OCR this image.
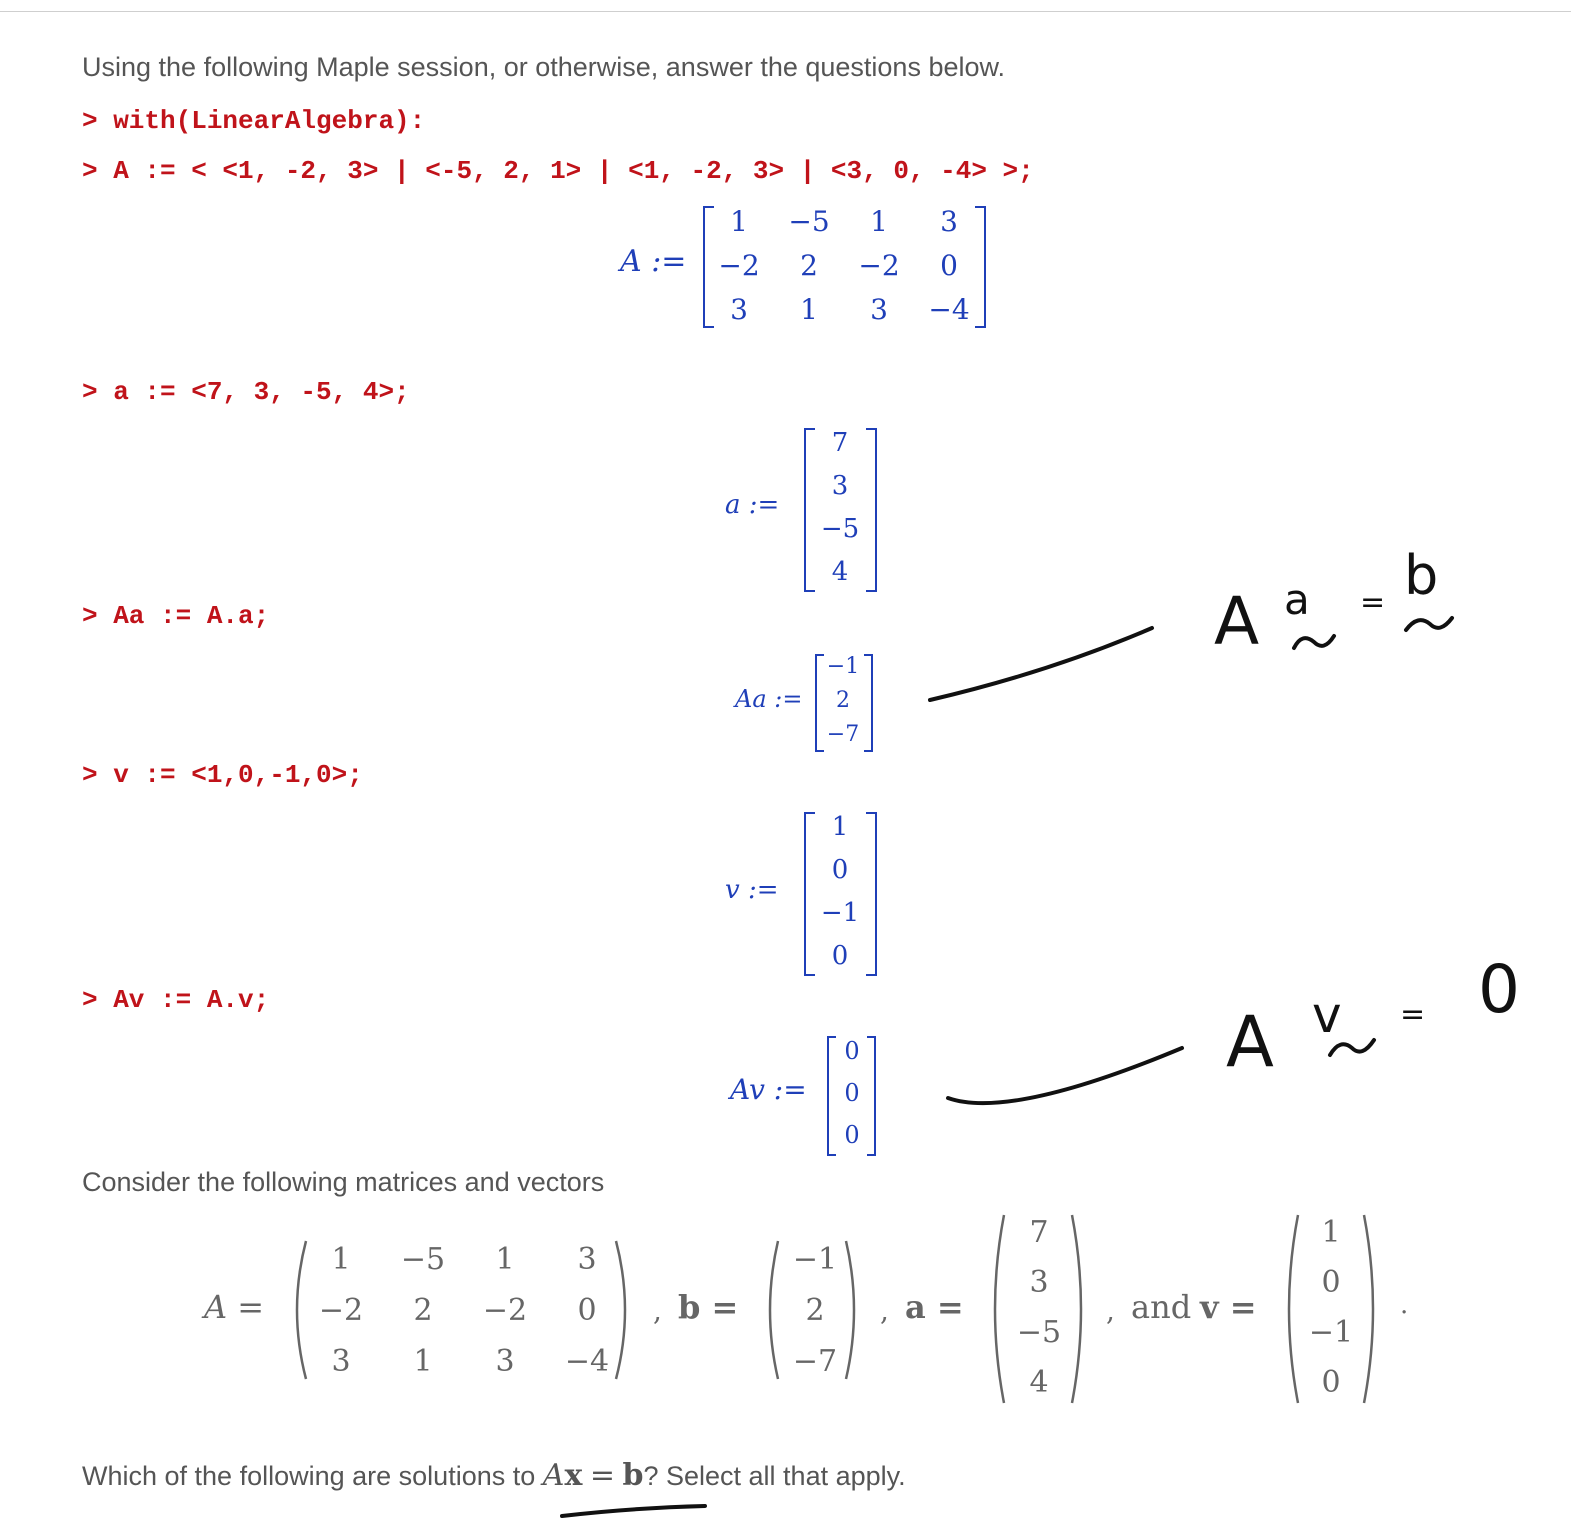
Using the following Maple session, or otherwise, answer the questions below.
> with(LinearAlgebra):
> A := < <1, -2, 3> | <-5, 2, 1> | <1, -2, 3> | <3, 0, -4> >;
> a := <7, 3, -5, 4>;
> Aa := A.a;
> v := <1,0,-1,0>;
> Av := A.v;
A :=
1	−5	1	3
−2	2	−2	0
3	1	3	−4
a :=
7
3
−5
4
Aa :=
−1
2
−7
v :=
1
0
−1
0
Av :=
0
0
0
Consider the following matrices and vectors
A =
1	−5	1	3
−2	2	−2	0
3	1	3	−4
, b =
−1
2
−7
, a =
7
3
−5
4
, and v =
1
0
−1
0
.
Which of the following are solutions to Ax = b? Select all that apply.
A a = b
A v = 0
